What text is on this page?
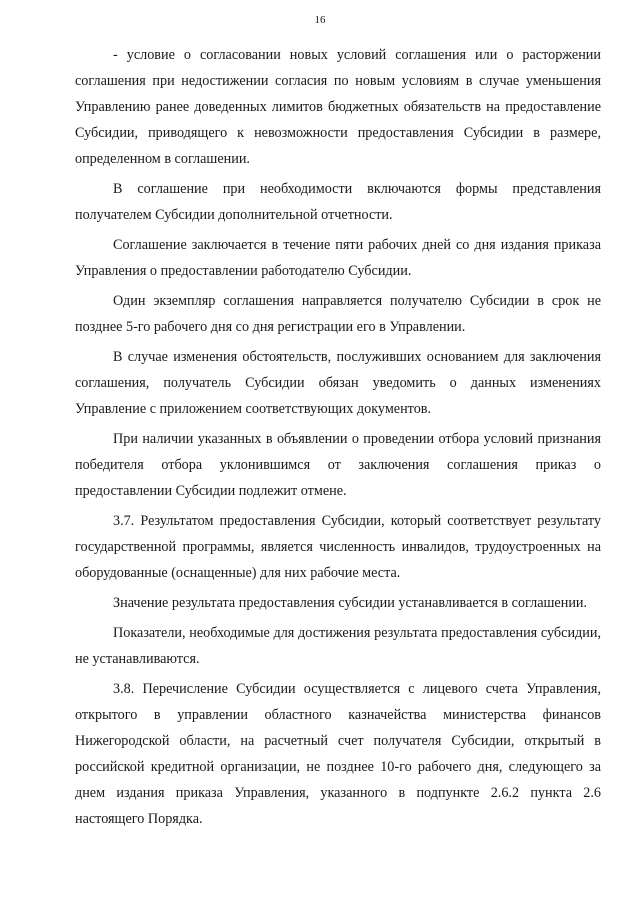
16

- условие о согласовании новых условий соглашения или о расторжении соглашения при недостижении согласия по новым условиям в случае уменьшения Управлению ранее доведенных лимитов бюджетных обязательств на предоставление Субсидии, приводящего к невозможности предоставления Субсидии в размере, определенном в соглашении.

В соглашение при необходимости включаются формы представления получателем Субсидии дополнительной отчетности.

Соглашение заключается в течение пяти рабочих дней со дня издания приказа Управления о предоставлении работодателю Субсидии.

Один экземпляр соглашения направляется получателю Субсидии в срок не позднее 5-го рабочего дня со дня регистрации его в Управлении.

В случае изменения обстоятельств, послуживших основанием для заключения соглашения, получатель Субсидии обязан уведомить о данных изменениях Управление с приложением соответствующих документов.

При наличии указанных в объявлении о проведении отбора условий признания победителя отбора уклонившимся от заключения соглашения приказ о предоставлении Субсидии подлежит отмене.

3.7. Результатом предоставления Субсидии, который соответствует результату государственной программы, является численность инвалидов, трудоустроенных на оборудованные (оснащенные) для них рабочие места.

Значение результата предоставления субсидии устанавливается в соглашении.

Показатели, необходимые для достижения результата предоставления субсидии, не устанавливаются.

3.8. Перечисление Субсидии осуществляется с лицевого счета Управления, открытого в управлении областного казначейства министерства финансов Нижегородской области, на расчетный счет получателя Субсидии, открытый в российской кредитной организации, не позднее 10-го рабочего дня, следующего за днем издания приказа Управления, указанного в подпункте 2.6.2 пункта 2.6 настоящего Порядка.
